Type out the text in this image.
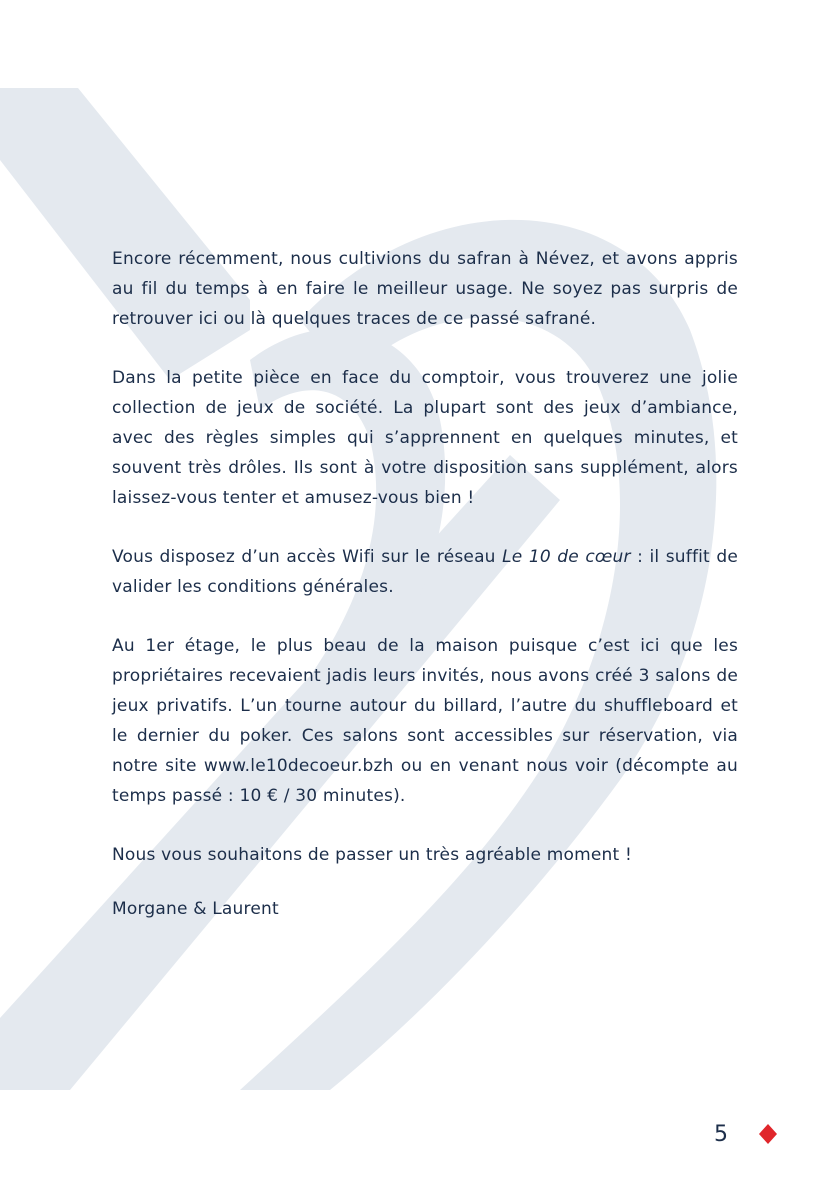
Encore récemment, nous cultivions du safran à Névez, et avons appris au fil du temps à en faire le meilleur usage. Ne soyez pas surpris de retrouver ici ou là quelques traces de ce passé safrané.

Dans la petite pièce en face du comptoir, vous trouverez une jolie collection de jeux de société. La plupart sont des jeux d’ambiance, avec des règles simples qui s’apprennent en quelques minutes, et souvent très drôles. Ils sont à votre disposition sans supplément, alors laissez-vous tenter et amusez-vous bien !

Vous disposez d’un accès Wifi sur le réseau Le 10 de cœur : il suffit de valider les conditions générales.

Au 1er étage, le plus beau de la maison puisque c’est ici que les propriétaires recevaient jadis leurs invités, nous avons créé 3 salons de jeux privatifs. L’un tourne autour du billard, l’autre du shuffleboard et le dernier du poker. Ces salons sont accessibles sur réservation, via notre site www.le10decoeur.bzh ou en venant nous voir (décompte au temps passé : 10 € / 30 minutes).

Nous vous souhaitons de passer un très agréable moment !

Morgane & Laurent

5
